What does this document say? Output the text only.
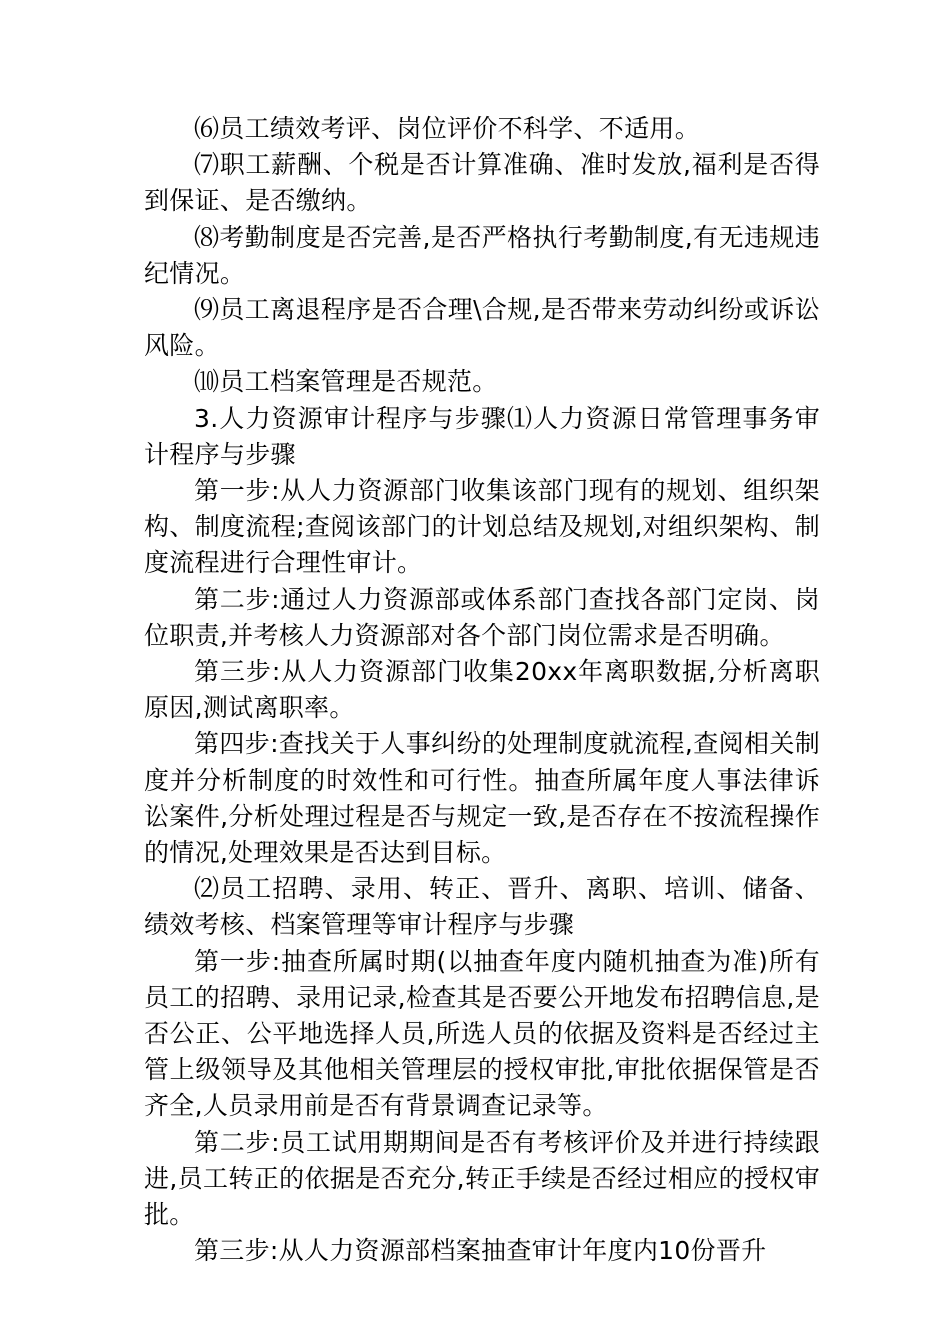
⑹员工绩效考评、岗位评价不科学、不适用。

⑺职工薪酬、个税是否计算准确、准时发放,福利是否得到保证、是否缴纳。

⑻考勤制度是否完善,是否严格执行考勤制度,有无违规违纪情况。

⑼员工离退程序是否合理\合规,是否带来劳动纠纷或诉讼风险。

⑽员工档案管理是否规范。

3.人力资源审计程序与步骤⑴人力资源日常管理事务审计程序与步骤

第一步:从人力资源部门收集该部门现有的规划、组织架构、制度流程;查阅该部门的计划总结及规划,对组织架构、制度流程进行合理性审计。

第二步:通过人力资源部或体系部门查找各部门定岗、岗位职责,并考核人力资源部对各个部门岗位需求是否明确。

第三步:从人力资源部门收集20xx年离职数据,分析离职原因,测试离职率。

第四步:查找关于人事纠纷的处理制度就流程,查阅相关制度并分析制度的时效性和可行性。抽查所属年度人事法律诉讼案件,分析处理过程是否与规定一致,是否存在不按流程操作的情况,处理效果是否达到目标。

⑵员工招聘、录用、转正、晋升、离职、培训、储备、绩效考核、档案管理等审计程序与步骤

第一步:抽查所属时期(以抽查年度内随机抽查为准)所有员工的招聘、录用记录,检查其是否要公开地发布招聘信息,是否公正、公平地选择人员,所选人员的依据及资料是否经过主管上级领导及其他相关管理层的授权审批,审批依据保管是否齐全,人员录用前是否有背景调查记录等。

第二步:员工试用期期间是否有考核评价及并进行持续跟进,员工转正的依据是否充分,转正手续是否经过相应的授权审批。

第三步:从人力资源部档案抽查审计年度内10份晋升
